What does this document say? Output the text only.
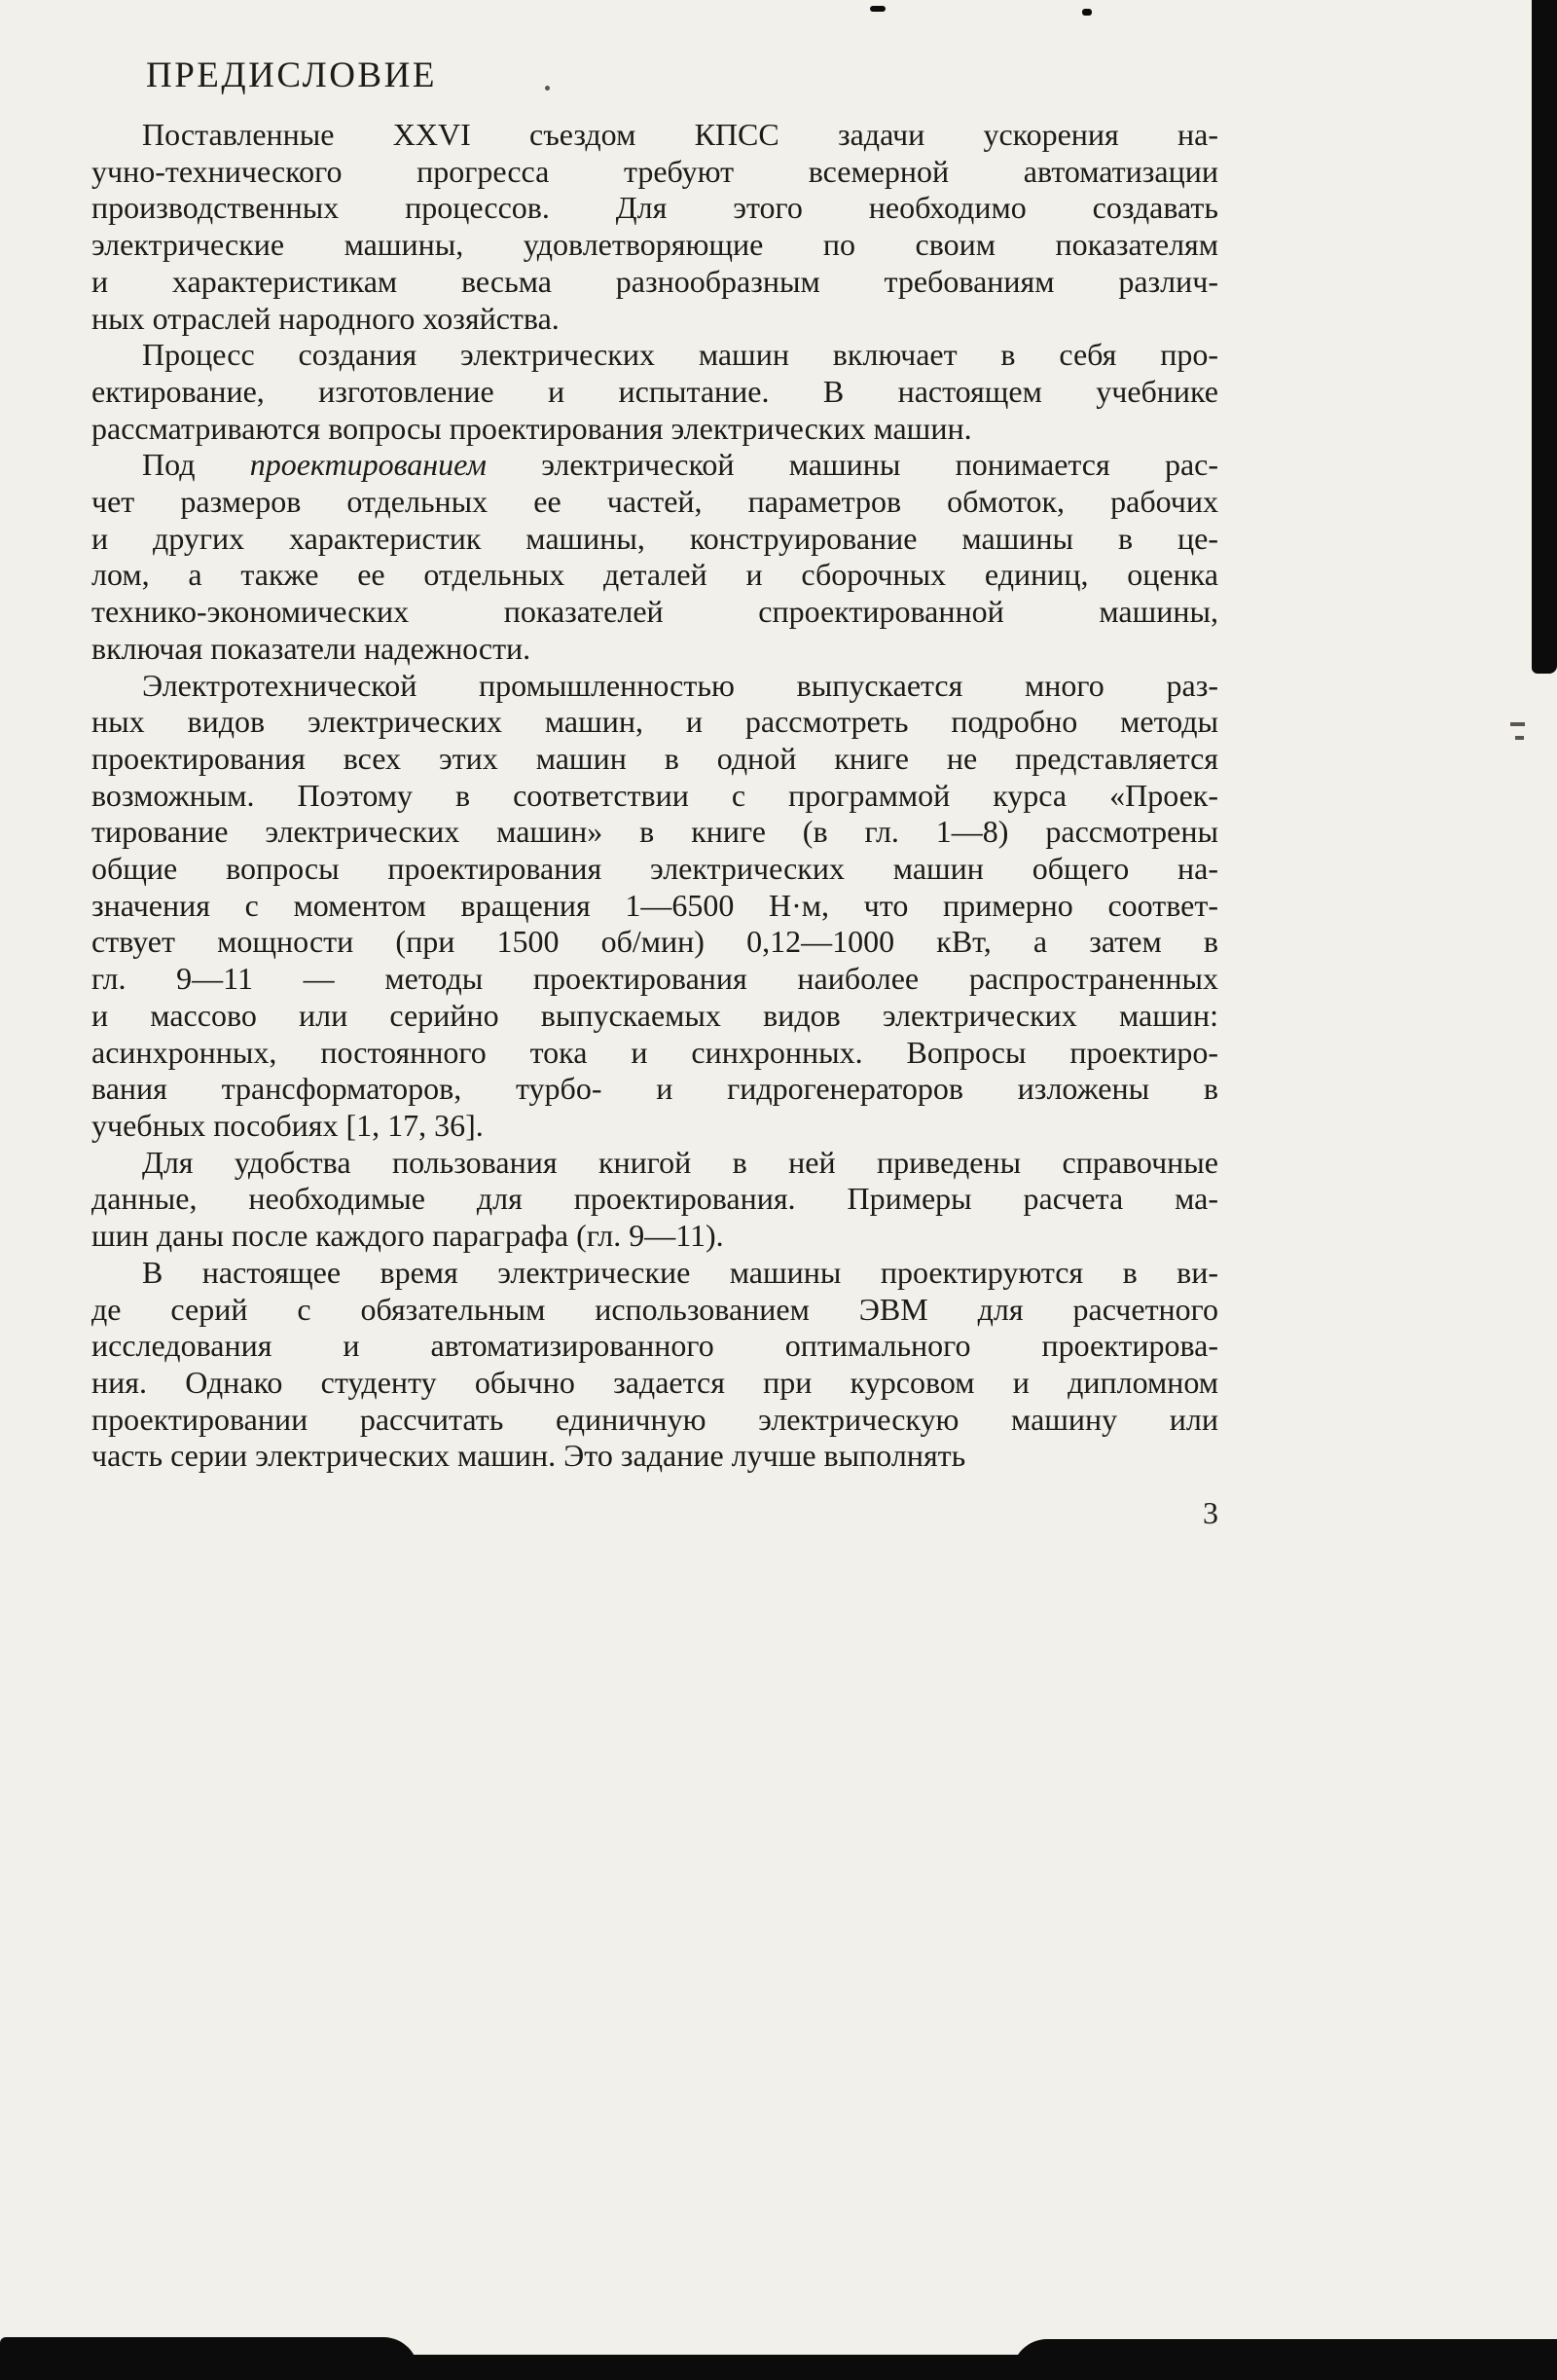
ПРЕДИСЛОВИЕ
Поставленные XXVI съездом КПСС задачи ускорения на-
учно-технического прогресса требуют всемерной автоматизации
производственных процессов. Для этого необходимо создавать
электрические машины, удовлетворяющие по своим показателям
и характеристикам весьма разнообразным требованиям различ-
ных отраслей народного хозяйства.
Процесс создания электрических машин включает в себя про-
ектирование, изготовление и испытание. В настоящем учебнике
рассматриваются вопросы проектирования электрических машин.
Под проектированием электрической машины понимается рас-
чет размеров отдельных ее частей, параметров обмоток, рабочих
и других характеристик машины, конструирование машины в це-
лом, а также ее отдельных деталей и сборочных единиц, оценка
технико-экономических показателей спроектированной машины,
включая показатели надежности.
Электротехнической промышленностью выпускается много раз-
ных видов электрических машин, и рассмотреть подробно методы
проектирования всех этих машин в одной книге не представляется
возможным. Поэтому в соответствии с программой курса «Проек-
тирование электрических машин» в книге (в гл. 1—8) рассмотрены
общие вопросы проектирования электрических машин общего на-
значения с моментом вращения 1—6500 Н·м, что примерно соответ-
ствует мощности (при 1500 об/мин) 0,12—1000 кВт, а затем в
гл. 9—11 — методы проектирования наиболее распространенных
и массово или серийно выпускаемых видов электрических машин:
асинхронных, постоянного тока и синхронных. Вопросы проектиро-
вания трансформаторов, турбо- и гидрогенераторов изложены в
учебных пособиях [1, 17, 36].
Для удобства пользования книгой в ней приведены справочные
данные, необходимые для проектирования. Примеры расчета ма-
шин даны после каждого параграфа (гл. 9—11).
В настоящее время электрические машины проектируются в ви-
де серий с обязательным использованием ЭВМ для расчетного
исследования и автоматизированного оптимального проектирова-
ния. Однако студенту обычно задается при курсовом и дипломном
проектировании рассчитать единичную электрическую машину или
часть серии электрических машин. Это задание лучше выполнять
3
